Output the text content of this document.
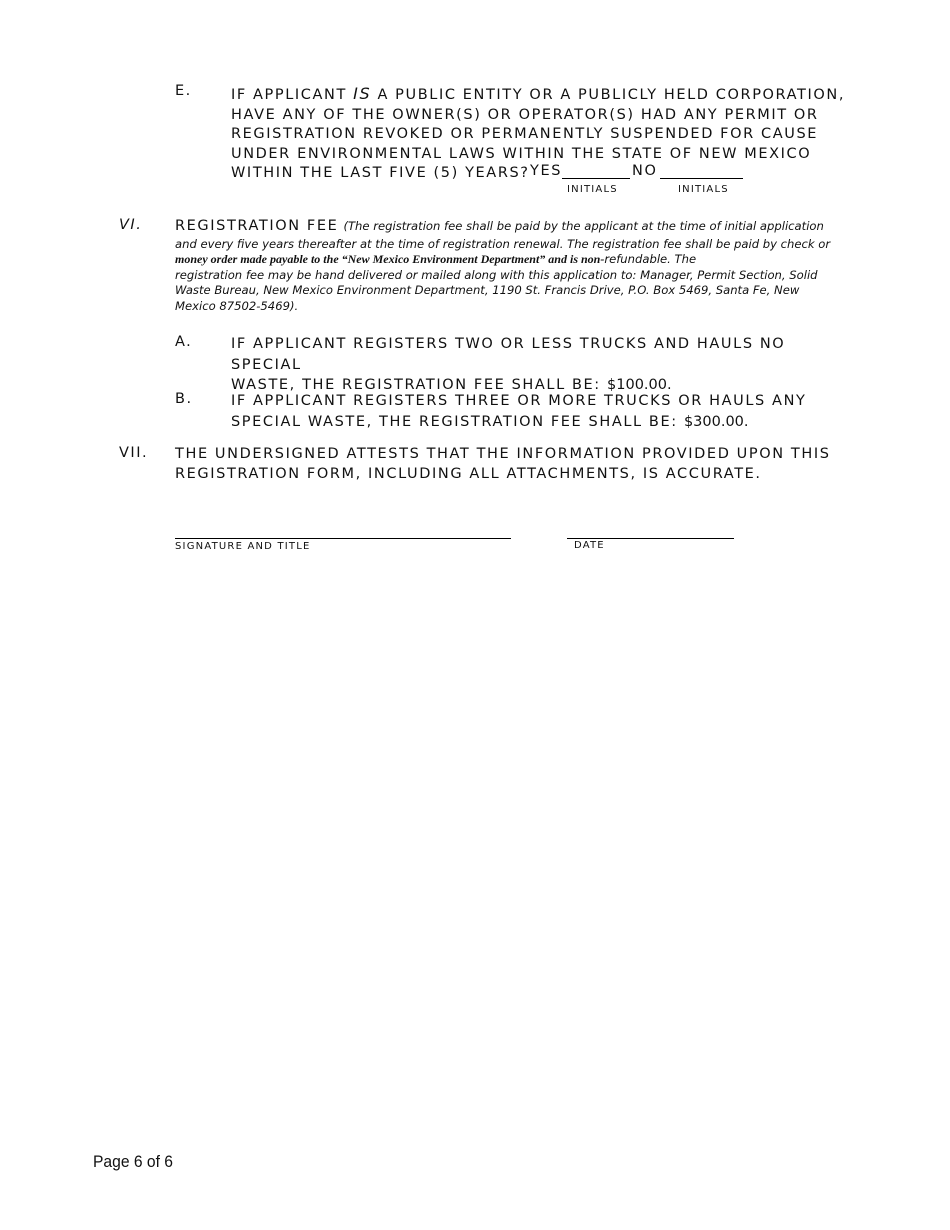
E.	IF APPLICANT IS A PUBLIC ENTITY OR A PUBLICLY HELD CORPORATION,
HAVE ANY OF THE OWNER(S) OR OPERATOR(S) HAD ANY PERMIT OR
REGISTRATION REVOKED OR PERMANENTLY SUSPENDED FOR CAUSE
UNDER ENVIRONMENTAL LAWS WITHIN THE STATE OF NEW MEXICO
WITHIN THE LAST FIVE (5) YEARS? YES	NO
INITIALS	INITIALS
VI. REGISTRATION FEE (The registration fee shall be paid by the applicant at the time of initial application
and every five years thereafter at the time of registration renewal. The registration fee shall be paid by check or
money order made payable to the “New Mexico Environment Department” and is non-refundable. The
registration fee may be hand delivered or mailed along with this application to: Manager, Permit Section, Solid
Waste Bureau, New Mexico Environment Department, 1190 St. Francis Drive, P.O. Box 5469, Santa Fe, New
Mexico 87502-5469).
A.	IF APPLICANT REGISTERS TWO OR LESS TRUCKS AND HAULS NO SPECIAL
WASTE, THE REGISTRATION FEE SHALL BE: $100.00.
B.	IF APPLICANT REGISTERS THREE OR MORE TRUCKS OR HAULS ANY
SPECIAL WASTE, THE REGISTRATION FEE SHALL BE: $300.00.
VII. THE UNDERSIGNED ATTESTS THAT THE INFORMATION PROVIDED UPON THIS
REGISTRATION FORM, INCLUDING ALL ATTACHMENTS, IS ACCURATE.
SIGNATURE AND TITLE	DATE
Page 6 of 6
